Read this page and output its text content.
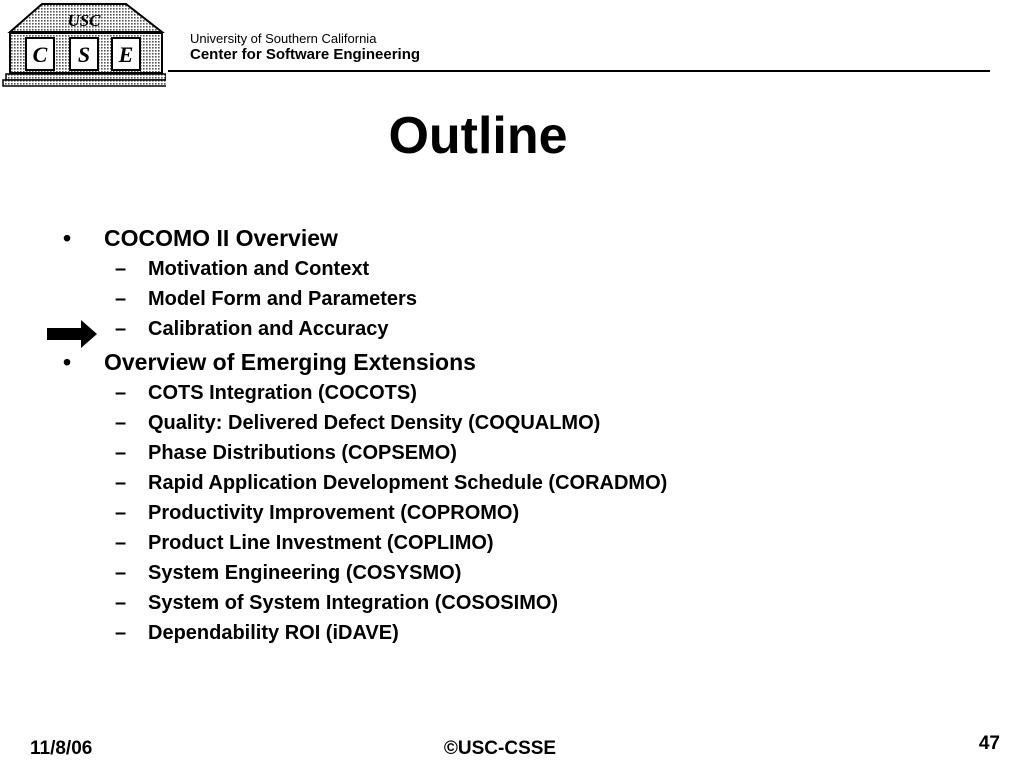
USC
C S E
University of Southern California
Center for Software Engineering
Outline
• COCOMO II Overview
– Motivation and Context
– Model Form and Parameters
– Calibration and Accuracy
• Overview of Emerging Extensions
– COTS Integration (COCOTS)
– Quality: Delivered Defect Density (COQUALMO)
– Phase Distributions (COPSEMO)
– Rapid Application Development Schedule (CORADMO)
– Productivity Improvement (COPROMO)
– Product Line Investment (COPLIMO)
– System Engineering (COSYSMO)
– System of System Integration (COSOSIMO)
– Dependability ROI (iDAVE)
11/8/06	©USC-CSSE	47
